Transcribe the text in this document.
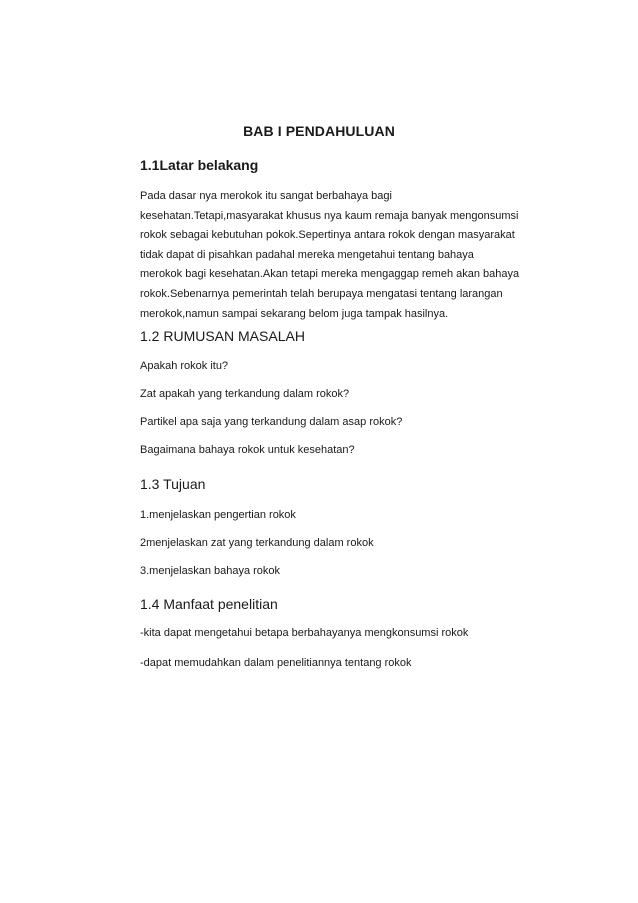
BAB I PENDAHULUAN
1.1Latar belakang
Pada dasar nya merokok itu sangat berbahaya bagi
kesehatan.Tetapi,masyarakat khusus nya kaum remaja banyak mengonsumsi
rokok sebagai kebutuhan pokok.Sepertinya antara rokok dengan masyarakat
tidak dapat di pisahkan padahal mereka mengetahui tentang bahaya
merokok bagi kesehatan.Akan tetapi mereka mengaggap remeh akan bahaya
rokok.Sebenarnya pemerintah telah berupaya mengatasi tentang larangan
merokok,namun sampai sekarang belom juga tampak hasilnya.
1.2 RUMUSAN MASALAH
Apakah rokok itu?
Zat apakah yang terkandung dalam rokok?
Partikel apa saja yang terkandung dalam asap rokok?
Bagaimana bahaya rokok untuk kesehatan?
1.3 Tujuan
1.menjelaskan pengertian rokok
2menjelaskan zat yang terkandung dalam rokok
3.menjelaskan bahaya rokok
1.4 Manfaat penelitian
-kita dapat mengetahui betapa berbahayanya mengkonsumsi rokok
-dapat memudahkan dalam penelitiannya tentang rokok
